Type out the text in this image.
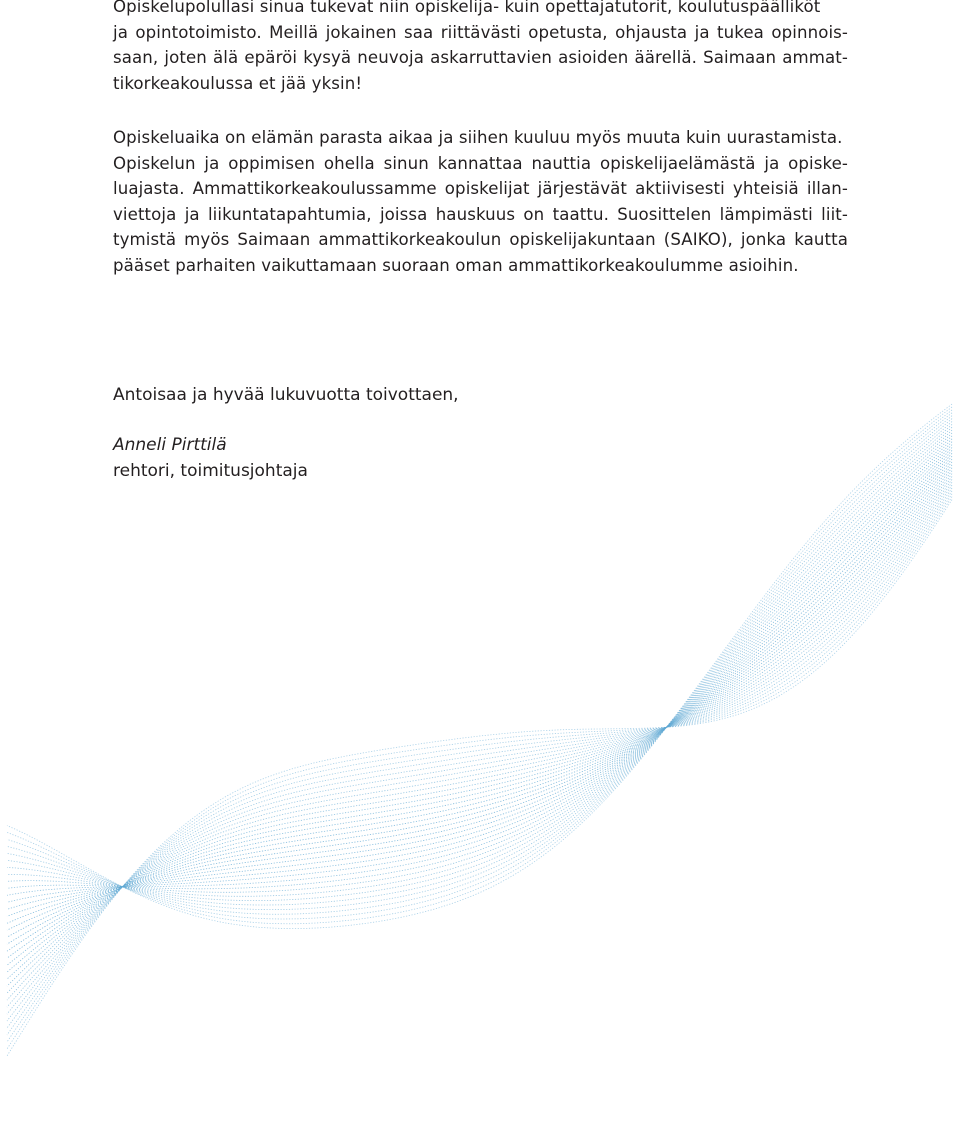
Opiskelupolullasi sinua tukevat niin opiskelija- kuin opettajatutorit, koulutuspäälliköt
ja opintotoimisto. Meillä jokainen saa riittävästi opetusta, ohjausta ja tukea opinnois-
saan, joten älä epäröi kysyä neuvoja askarruttavien asioiden äärellä. Saimaan ammat-
tikorkeakoulussa et jää yksin!
Opiskeluaika on elämän parasta aikaa ja siihen kuuluu myös muuta kuin uurastamista.
Opiskelun ja oppimisen ohella sinun kannattaa nauttia opiskelijaelämästä ja opiske-
luajasta. Ammattikorkeakoulussamme opiskelijat järjestävät aktiivisesti yhteisiä illan-
viettoja ja liikuntatapahtumia, joissa hauskuus on taattu. Suosittelen lämpimästi liit-
tymistä myös Saimaan ammattikorkeakoulun opiskelijakuntaan (SAIKO), jonka kautta
pääset parhaiten vaikuttamaan suoraan oman ammattikorkeakoulumme asioihin.
Antoisaa ja hyvää lukuvuotta toivottaen,
Anneli Pirttilä
rehtori, toimitusjohtaja
